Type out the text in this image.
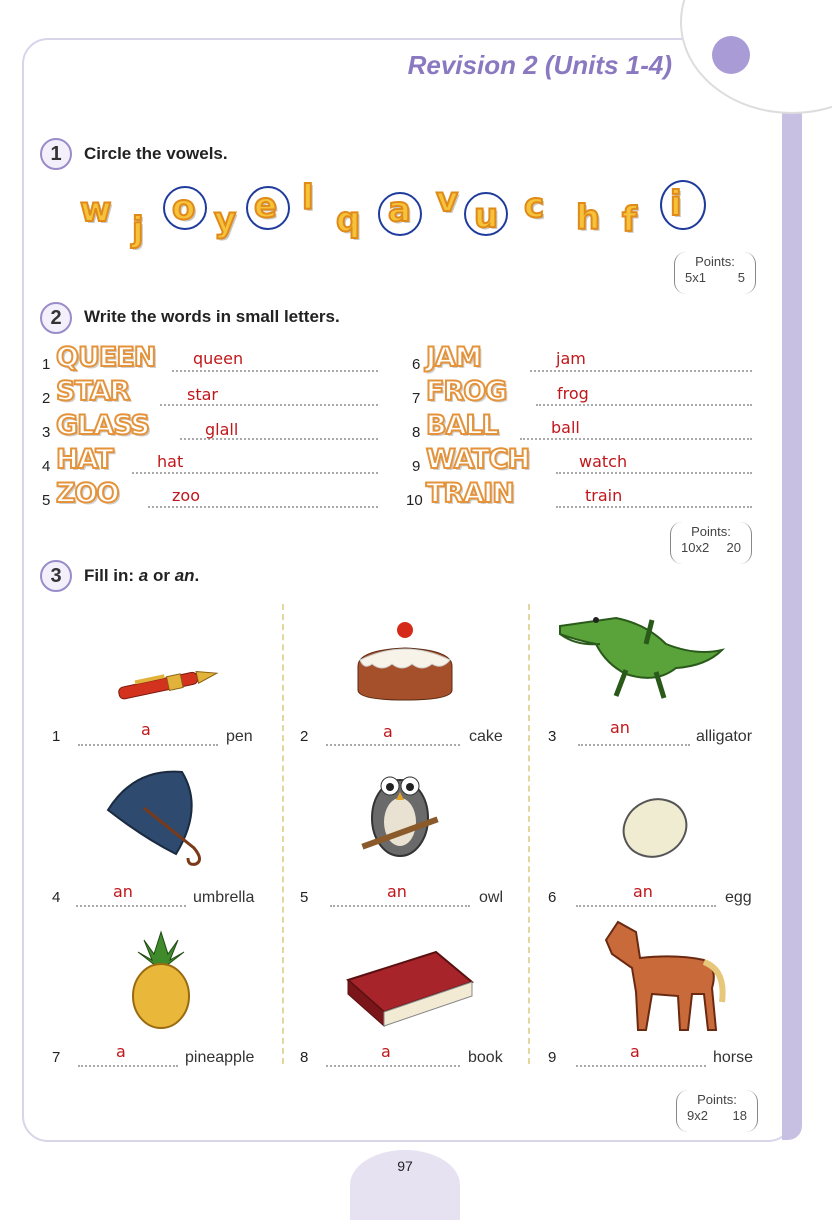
Revision 2 (Units 1-4)
1	Circle the vowels.
w j
o y e l
q a v u c h f i
Points:
5x1 5
2	Write the words in small letters.
1 QUEEN queen
2 STAR	star
3 GLASS	glall
4 HAT	hat
5 ZOO	zoo
6 JAM	jam
7 FROG	frog
8 BALL	ball
9 WATCH	watch
10 TRAIN	train
Points:
10x2 20
3	Fill in: a or an.
1	a	pen	2	a	cake	3	an	alligator
4	an	umbrella	5	an	owl	6	an	egg
7	a	pineapple	8	a	book	9	a	horse
Points:
9x2 18
97
